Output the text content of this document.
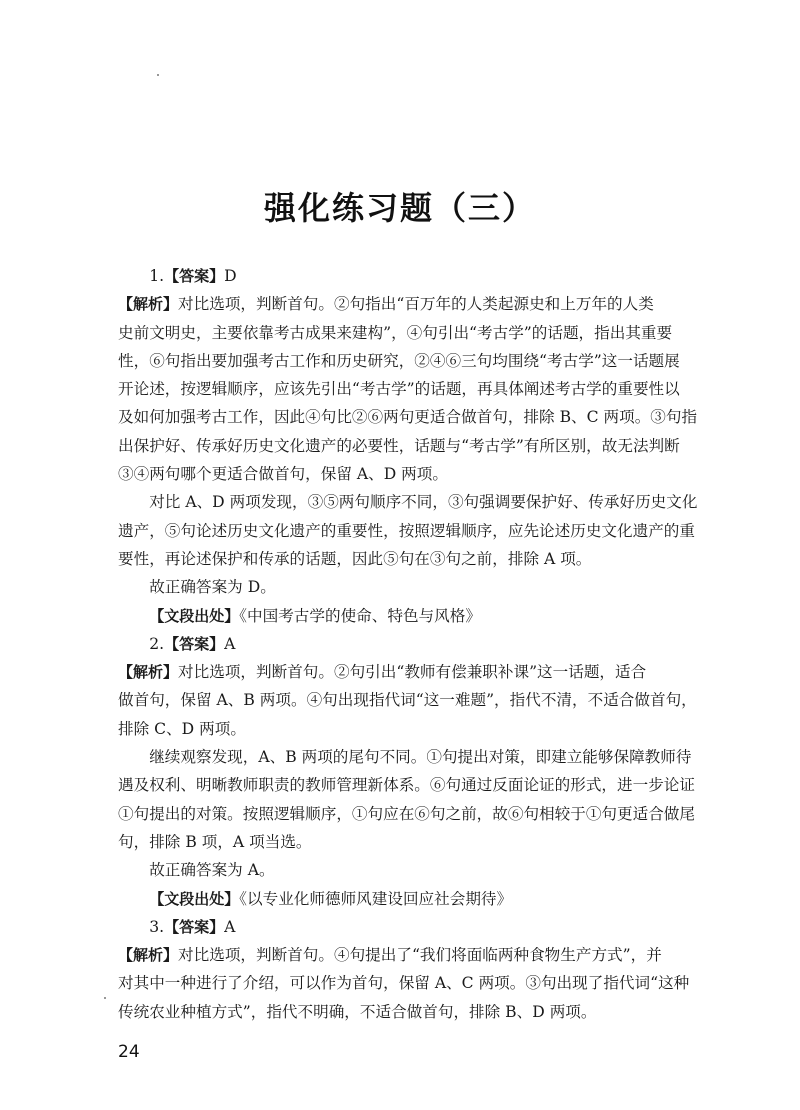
强化练习题（三）

1.【答案】D

【解析】对比选项，判断首句。②句指出“百万年的人类起源史和上万年的人类
史前文明史，主要依靠考古成果来建构”，④句引出“考古学”的话题，指出其重要
性，⑥句指出要加强考古工作和历史研究，②④⑥三句均围绕“考古学”这一话题展
开论述，按逻辑顺序，应该先引出“考古学”的话题，再具体阐述考古学的重要性以
及如何加强考古工作，因此④句比②⑥两句更适合做首句，排除 B、C 两项。③句指
出保护好、传承好历史文化遗产的必要性，话题与“考古学”有所区别，故无法判断
③④两句哪个更适合做首句，保留 A、D 两项。

对比 A、D 两项发现，③⑤两句顺序不同，③句强调要保护好、传承好历史文化
遗产，⑤句论述历史文化遗产的重要性，按照逻辑顺序，应先论述历史文化遗产的重
要性，再论述保护和传承的话题，因此⑤句在③句之前，排除 A 项。

故正确答案为 D。

【文段出处】《中国考古学的使命、特色与风格》

2.【答案】A

【解析】对比选项，判断首句。②句引出“教师有偿兼职补课”这一话题，适合
做首句，保留 A、B 两项。④句出现指代词“这一难题”，指代不清，不适合做首句，
排除 C、D 两项。

继续观察发现，A、B 两项的尾句不同。①句提出对策，即建立能够保障教师待
遇及权利、明晰教师职责的教师管理新体系。⑥句通过反面论证的形式，进一步论证
①句提出的对策。按照逻辑顺序，①句应在⑥句之前，故⑥句相较于①句更适合做尾
句，排除 B 项，A 项当选。

故正确答案为 A。

【文段出处】《以专业化师德师风建设回应社会期待》

3.【答案】A

【解析】对比选项，判断首句。④句提出了“我们将面临两种食物生产方式”，并
对其中一种进行了介绍，可以作为首句，保留 A、C 两项。③句出现了指代词“这种
传统农业种植方式”，指代不明确，不适合做首句，排除 B、D 两项。

24
